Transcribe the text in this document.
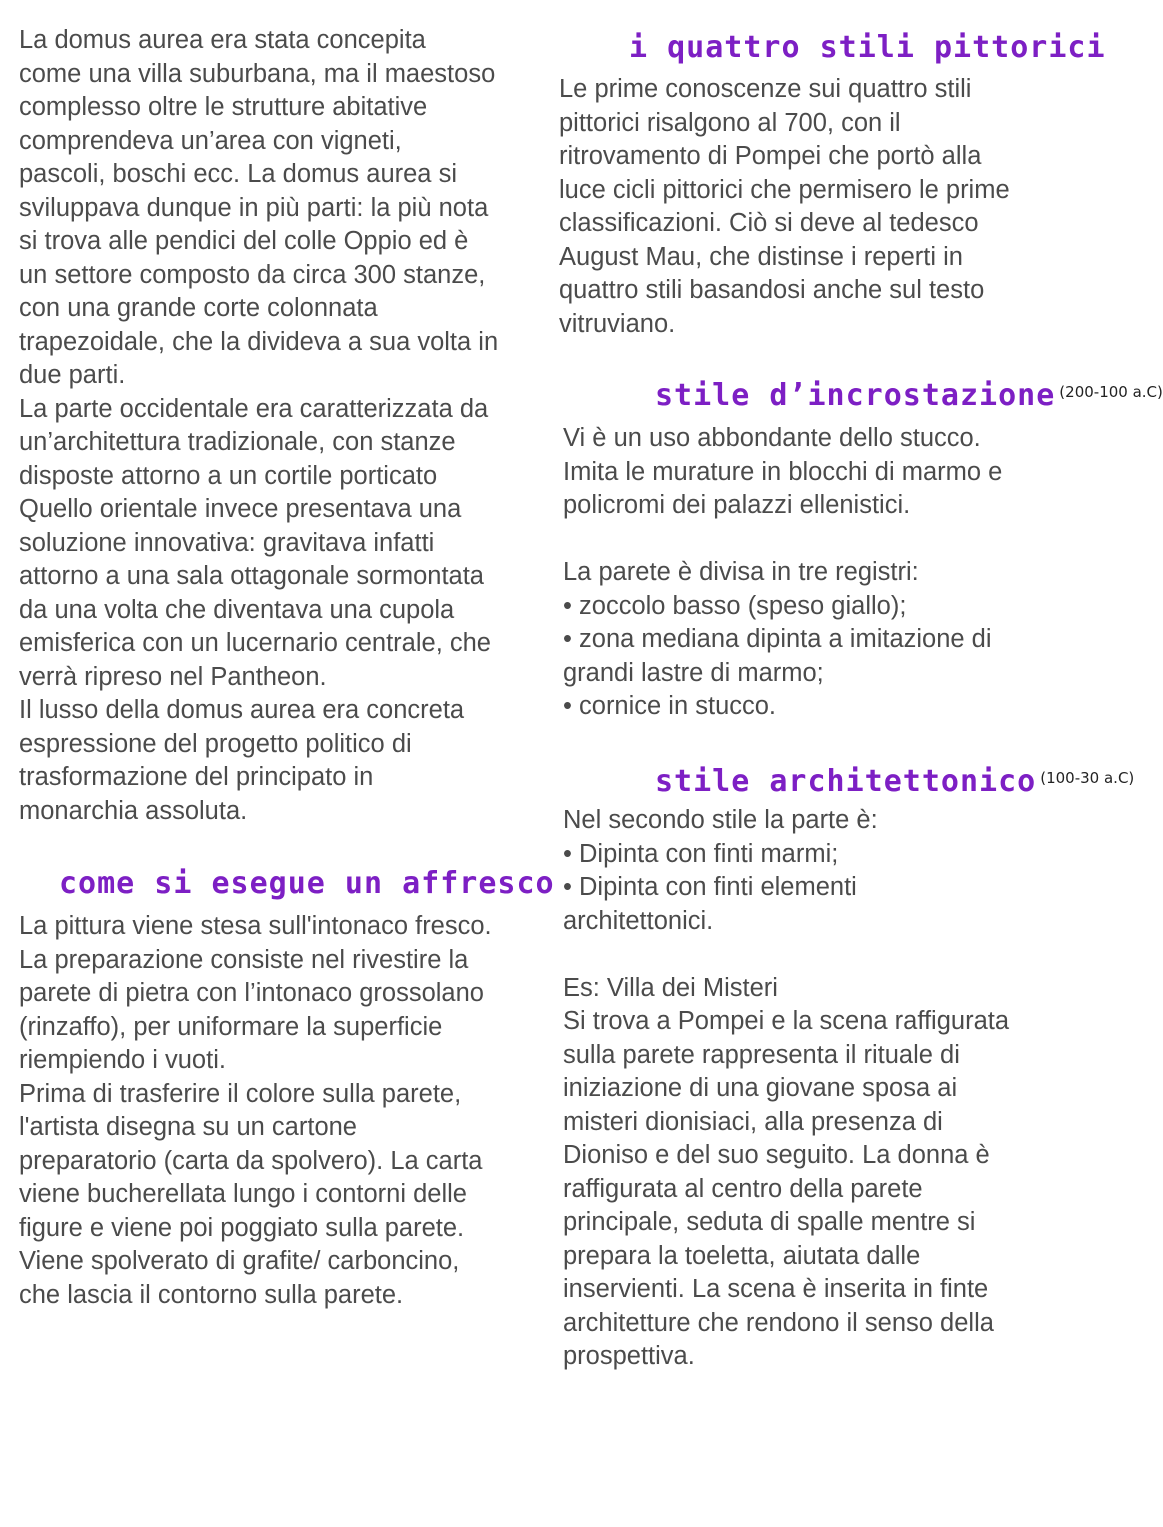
La domus aurea era stata concepita
come una villa suburbana, ma il maestoso
complesso oltre le strutture abitative
comprendeva un’area con vigneti,
pascoli, boschi ecc. La domus aurea si
sviluppava dunque in più parti: la più nota
si trova alle pendici del colle Oppio ed è
un settore composto da circa 300 stanze,
con una grande corte colonnata
trapezoidale, che la divideva a sua volta in
due parti.
La parte occidentale era caratterizzata da
un’architettura tradizionale, con stanze
disposte attorno a un cortile porticato
Quello orientale invece presentava una
soluzione innovativa: gravitava infatti
attorno a una sala ottagonale sormontata
da una volta che diventava una cupola
emisferica con un lucernario centrale, che
verrà ripreso nel Pantheon.
Il lusso della domus aurea era concreta
espressione del progetto politico di
trasformazione del principato in
monarchia assoluta.

come si esegue un affresco

La pittura viene stesa sull'intonaco fresco.
La preparazione consiste nel rivestire la
parete di pietra con l’intonaco grossolano
(rinzaffo), per uniformare la superficie
riempiendo i vuoti.
Prima di trasferire il colore sulla parete,
l'artista disegna su un cartone
preparatorio (carta da spolvero). La carta
viene bucherellata lungo i contorni delle
figure e viene poi poggiato sulla parete.
Viene spolverato di grafite/ carboncino,
che lascia il contorno sulla parete.

i quattro stili pittorici

Le prime conoscenze sui quattro stili
pittorici risalgono al 700, con il
ritrovamento di Pompei che portò alla
luce cicli pittorici che permisero le prime
classificazioni. Ciò si deve al tedesco
August Mau, che distinse i reperti in
quattro stili basandosi anche sul testo
vitruviano.

stile d’incrostazione (200-100 a.C)

Vi è un uso abbondante dello stucco.
Imita le murature in blocchi di marmo e
policromi dei palazzi ellenistici.

La parete è divisa in tre registri:
• zoccolo basso (speso giallo);
• zona mediana dipinta a imitazione di
grandi lastre di marmo;
• cornice in stucco.

stile architettonico (100-30 a.C)

Nel secondo stile la parte è:
• Dipinta con finti marmi;
• Dipinta con finti elementi
architettonici.

Es: Villa dei Misteri
Si trova a Pompei e la scena raffigurata
sulla parete rappresenta il rituale di
iniziazione di una giovane sposa ai
misteri dionisiaci, alla presenza di
Dioniso e del suo seguito. La donna è
raffigurata al centro della parete
principale, seduta di spalle mentre si
prepara la toeletta, aiutata dalle
inservienti. La scena è inserita in finte
architetture che rendono il senso della
prospettiva.
